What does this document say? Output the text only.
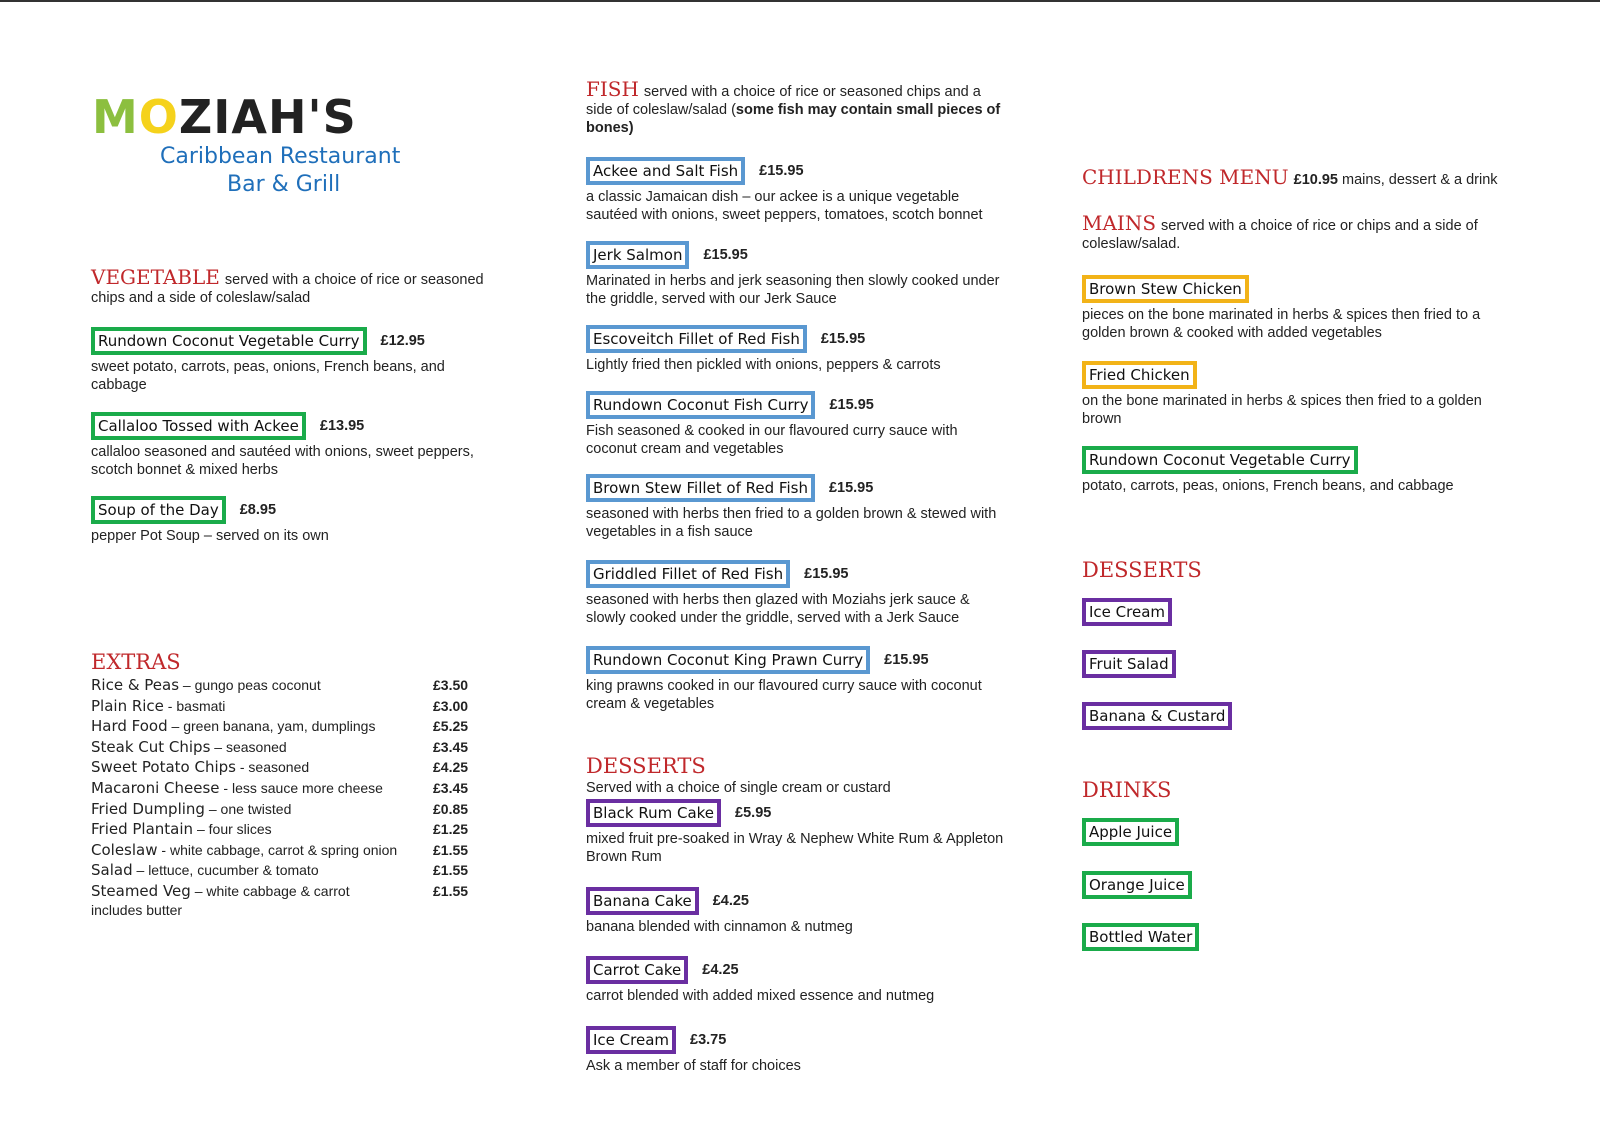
MOZIAH'S
Caribbean Restaurant
Bar & Grill
VEGETABLE served with a choice of rice or seasoned chips and a side of coleslaw/salad
Rundown Coconut Vegetable Curry	£12.95
sweet potato, carrots, peas, onions, French beans, and cabbage
Callaloo Tossed with Ackee	£13.95
callaloo seasoned and sautéed with onions, sweet peppers, scotch bonnet & mixed herbs
Soup of the Day	£8.95
pepper Pot Soup – served on its own
EXTRAS
Rice & Peas – gungo peas coconut	£3.50
Plain Rice - basmati	£3.00
Hard Food – green banana, yam, dumplings	£5.25
Steak Cut Chips – seasoned	£3.45
Sweet Potato Chips - seasoned	£4.25
Macaroni Cheese - less sauce more cheese	£3.45
Fried Dumpling – one twisted	£0.85
Fried Plantain – four slices	£1.25
Coleslaw - white cabbage, carrot & spring onion	£1.55
Salad – lettuce, cucumber & tomato	£1.55
Steamed Veg – white cabbage & carrot	£1.55
includes butter
FISH served with a choice of rice or seasoned chips and a side of coleslaw/salad (some fish may contain small pieces of bones)
Ackee and Salt Fish	£15.95
a classic Jamaican dish – our ackee is a unique vegetable sautéed with onions, sweet peppers, tomatoes, scotch bonnet
Jerk Salmon	£15.95
Marinated in herbs and jerk seasoning then slowly cooked under the griddle, served with our Jerk Sauce
Escoveitch Fillet of Red Fish	£15.95
Lightly fried then pickled with onions, peppers & carrots
Rundown Coconut Fish Curry	£15.95
Fish seasoned & cooked in our flavoured curry sauce with coconut cream and vegetables
Brown Stew Fillet of Red Fish	£15.95
seasoned with herbs then fried to a golden brown & stewed with vegetables in a fish sauce
Griddled Fillet of Red Fish	£15.95
seasoned with herbs then glazed with Moziahs jerk sauce & slowly cooked under the griddle, served with a Jerk Sauce
Rundown Coconut King Prawn Curry	£15.95
king prawns cooked in our flavoured curry sauce with coconut cream & vegetables
DESSERTS
Served with a choice of single cream or custard
Black Rum Cake	£5.95
mixed fruit pre-soaked in Wray & Nephew White Rum & Appleton Brown Rum
Banana Cake	£4.25
banana blended with cinnamon & nutmeg
Carrot Cake	£4.25
carrot blended with added mixed essence and nutmeg
Ice Cream	£3.75
Ask a member of staff for choices
CHILDRENS MENU £10.95 mains, dessert & a drink
MAINS served with a choice of rice or chips and a side of coleslaw/salad.
Brown Stew Chicken
pieces on the bone marinated in herbs & spices then fried to a golden brown & cooked with added vegetables
Fried Chicken
on the bone marinated in herbs & spices then fried to a golden brown
Rundown Coconut Vegetable Curry
potato, carrots, peas, onions, French beans, and cabbage
DESSERTS
Ice Cream
Fruit Salad
Banana & Custard
DRINKS
Apple Juice
Orange Juice
Bottled Water
